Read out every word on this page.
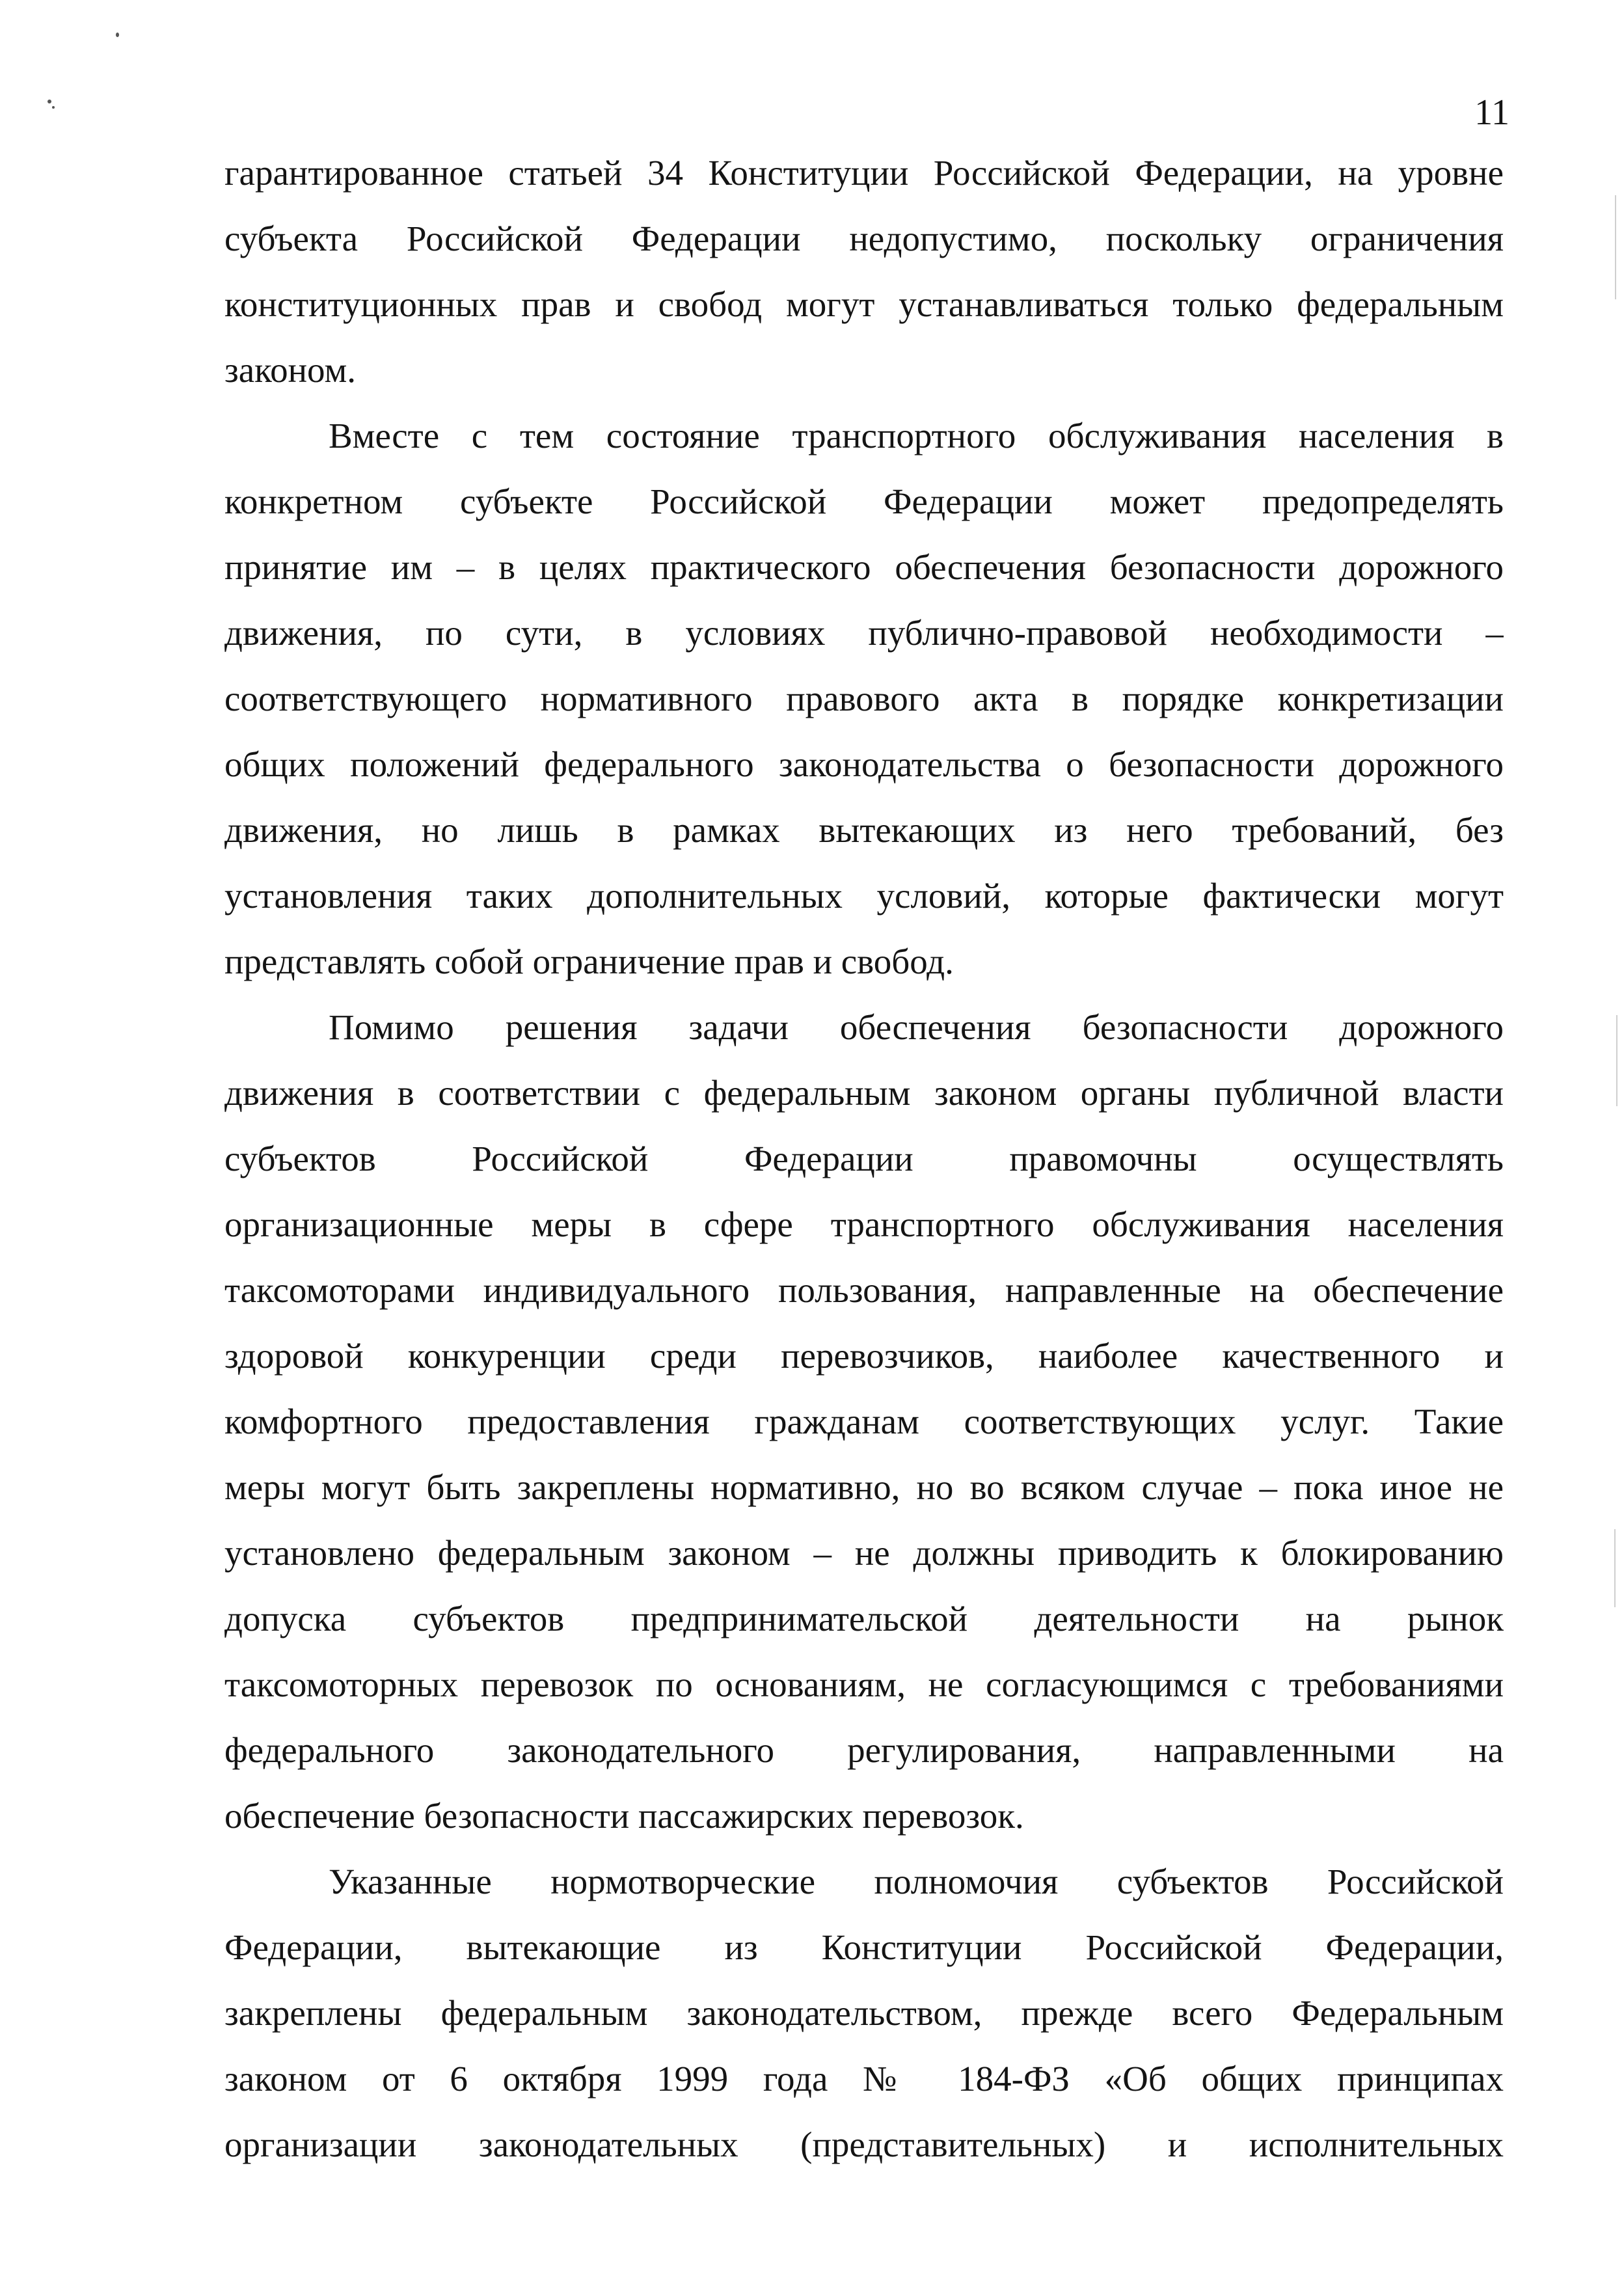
11
гарантированное статьей 34 Конституции Российской Федерации, на уровне
субъекта Российской Федерации недопустимо, поскольку ограничения
конституционных прав и свобод могут устанавливаться только федеральным
законом.
Вместе с тем состояние транспортного обслуживания населения в
конкретном субъекте Российской Федерации может предопределять
принятие им – в целях практического обеспечения безопасности дорожного
движения, по сути, в условиях публично-правовой необходимости –
соответствующего нормативного правового акта в порядке конкретизации
общих положений федерального законодательства о безопасности дорожного
движения, но лишь в рамках вытекающих из него требований, без
установления таких дополнительных условий, которые фактически могут
представлять собой ограничение прав и свобод.
Помимо решения задачи обеспечения безопасности дорожного
движения в соответствии с федеральным законом органы публичной власти
субъектов Российской Федерации правомочны осуществлять
организационные меры в сфере транспортного обслуживания населения
таксомоторами индивидуального пользования, направленные на обеспечение
здоровой конкуренции среди перевозчиков, наиболее качественного и
комфортного предоставления гражданам соответствующих услуг. Такие
меры могут быть закреплены нормативно, но во всяком случае – пока иное не
установлено федеральным законом – не должны приводить к блокированию
допуска субъектов предпринимательской деятельности на рынок
таксомоторных перевозок по основаниям, не согласующимся с требованиями
федерального законодательного регулирования, направленными на
обеспечение безопасности пассажирских перевозок.
Указанные нормотворческие полномочия субъектов Российской
Федерации, вытекающие из Конституции Российской Федерации,
закреплены федеральным законодательством, прежде всего Федеральным
законом от 6 октября 1999 года № 184-ФЗ «Об общих принципах
организации законодательных (представительных) и исполнительных
